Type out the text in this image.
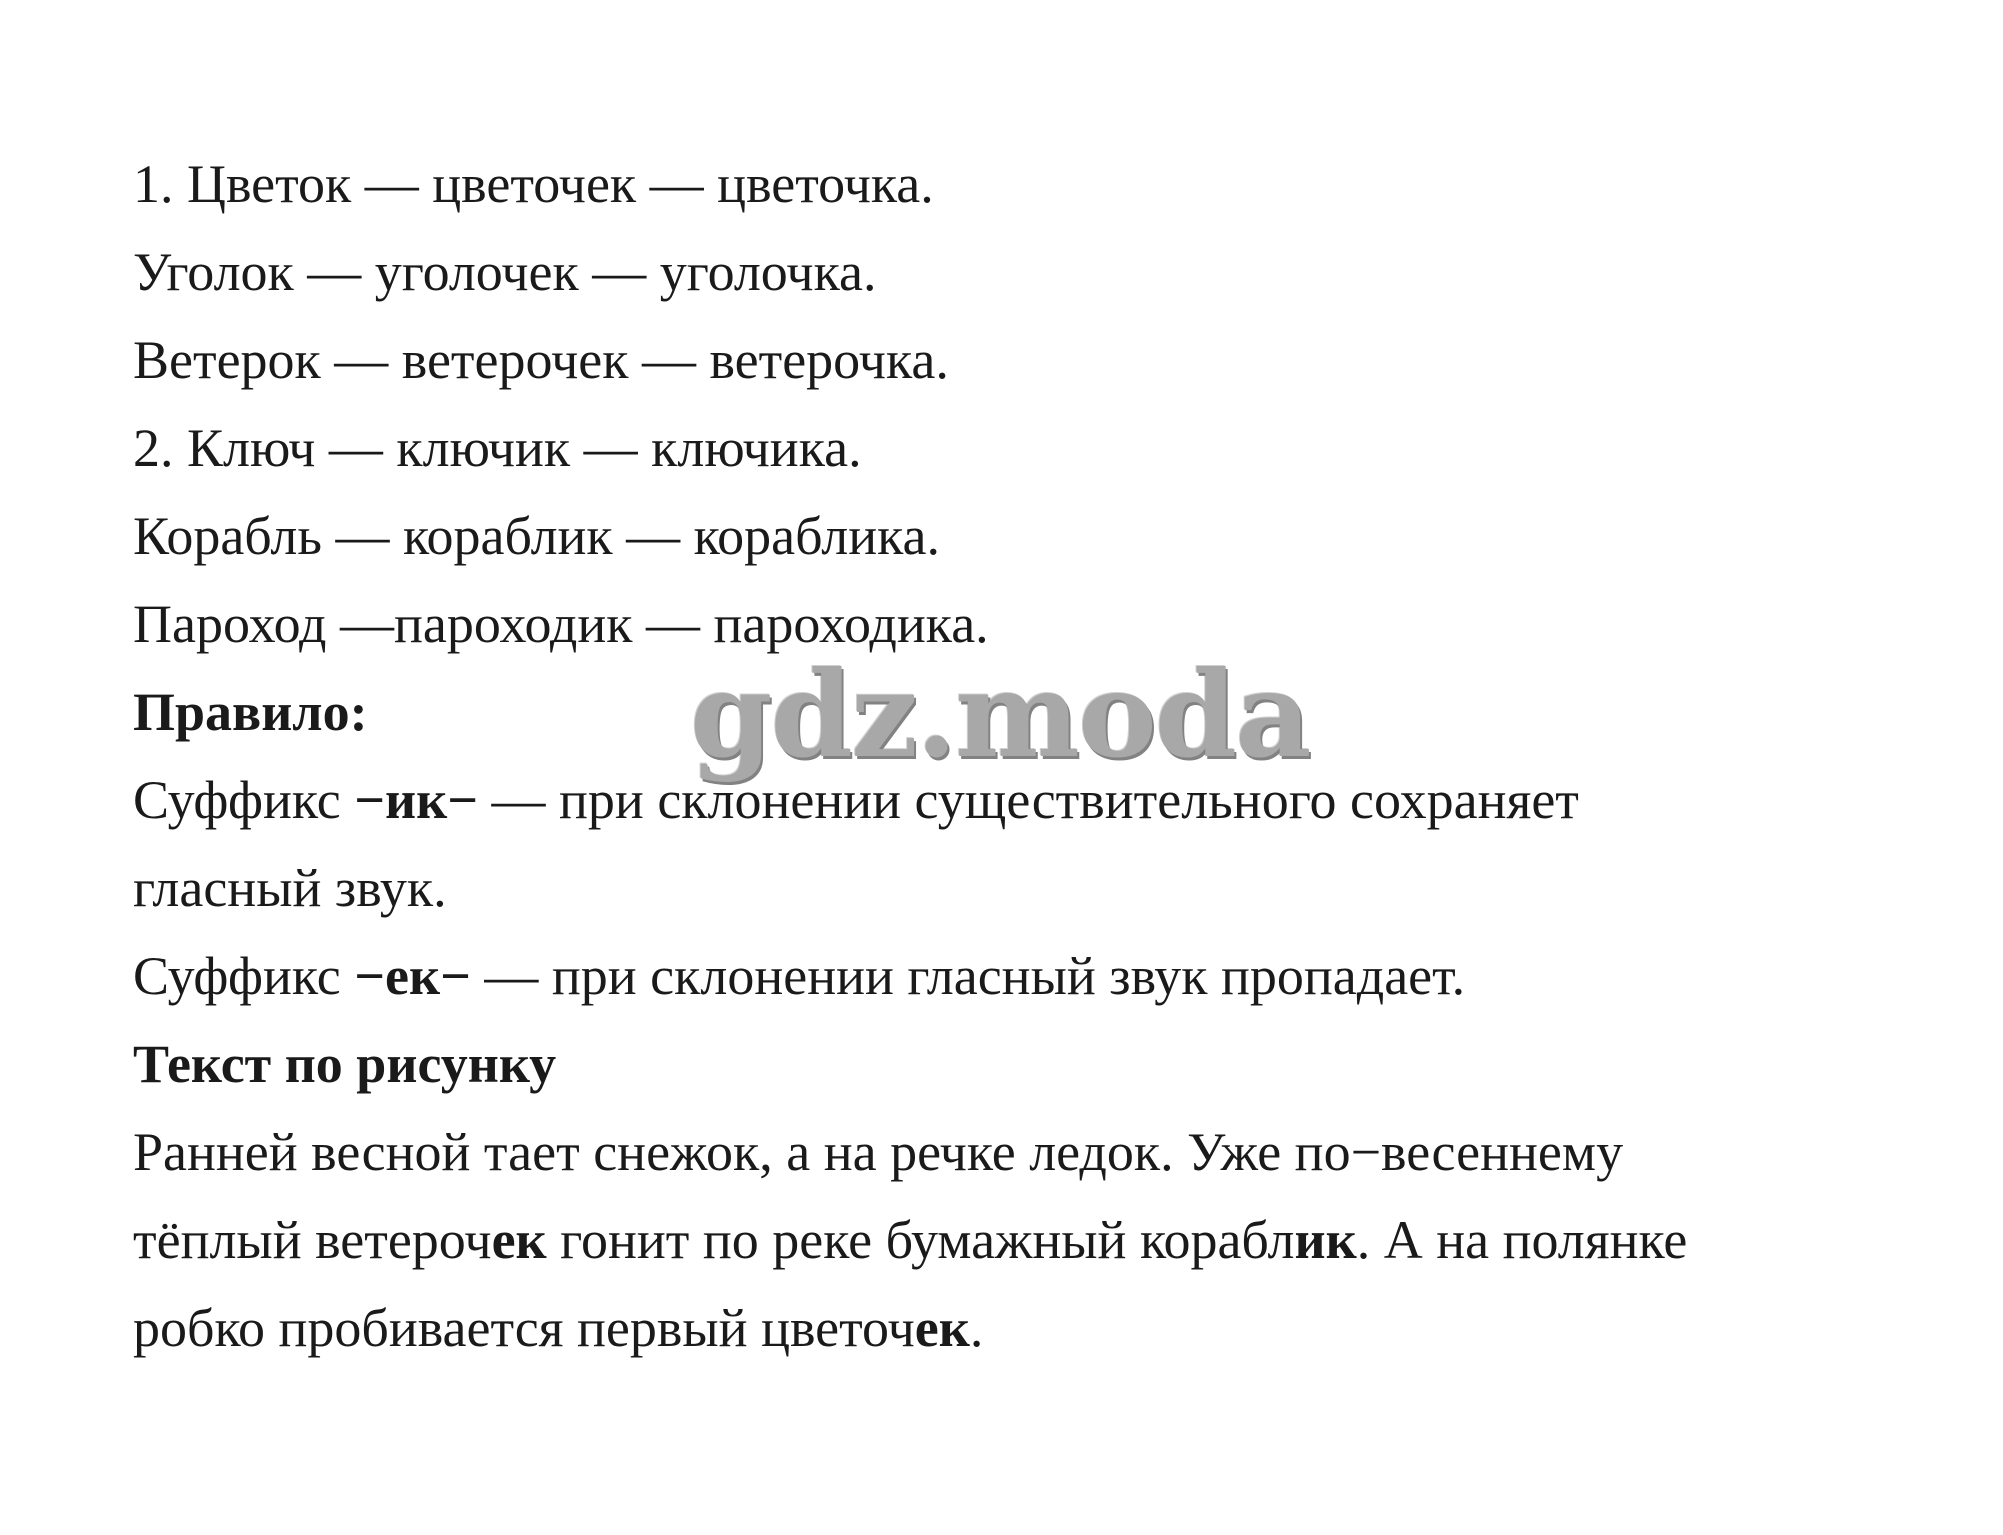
1. Цветок — цветочек — цветочка.
Уголок — уголочек — уголочка.
Ветерок — ветерочек — ветерочка.
2. Ключ — ключик — ключика.
Корабль — кораблик — кораблика.
Пароход —пароходик — пароходика.
Правило:
Суффикс −ик− — при склонении существительного сохраняет
гласный звук.
Суффикс −ек− — при склонении гласный звук пропадает.
Текст по рисунку
Ранней весной тает снежок, а на речке ледок. Уже по−весеннему
тёплый ветерочек гонит по реке бумажный кораблик. А на полянке
робко пробивается первый цветочек.
gdz.moda
